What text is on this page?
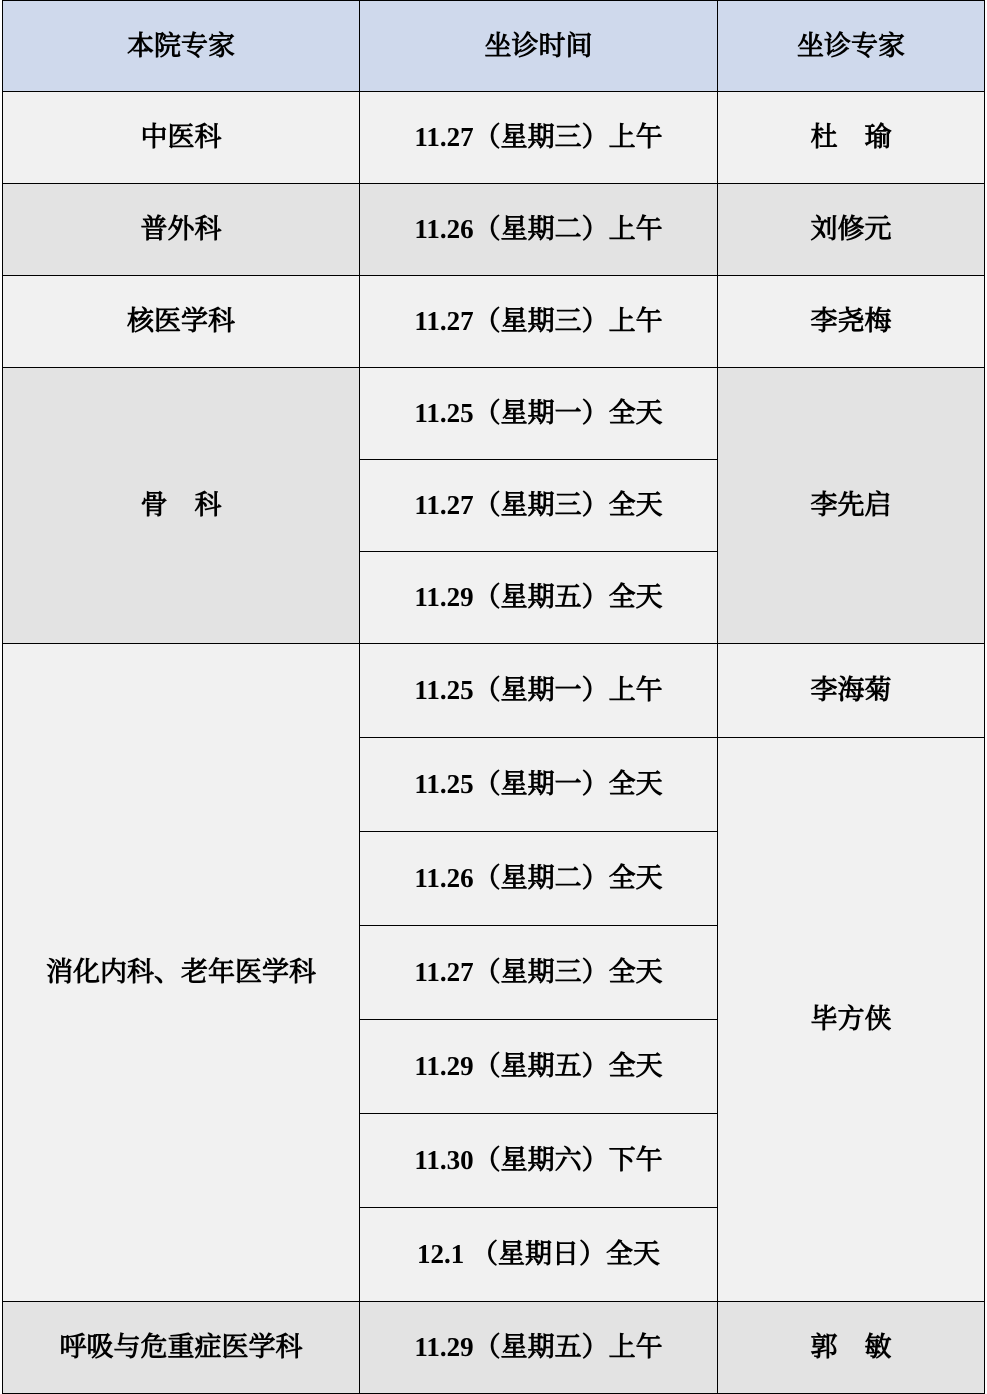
本院专家	坐诊时间	坐诊专家
中医科	11.27（星期三）上午	杜　瑜
普外科	11.26（星期二）上午	刘修元
核医学科	11.27（星期三）上午	李尧梅
骨　科	11.25（星期一）全天	李先启
	11.27（星期三）全天	
	11.29（星期五）全天	
消化内科、老年医学科	11.25（星期一）上午	李海菊
	11.25（星期一）全天	毕方侠
	11.26（星期二）全天	
	11.27（星期三）全天	
	11.29（星期五）全天	
	11.30（星期六）下午	
	12.1 （星期日）全天	
呼吸与危重症医学科	11.29（星期五）上午	郭　敏
